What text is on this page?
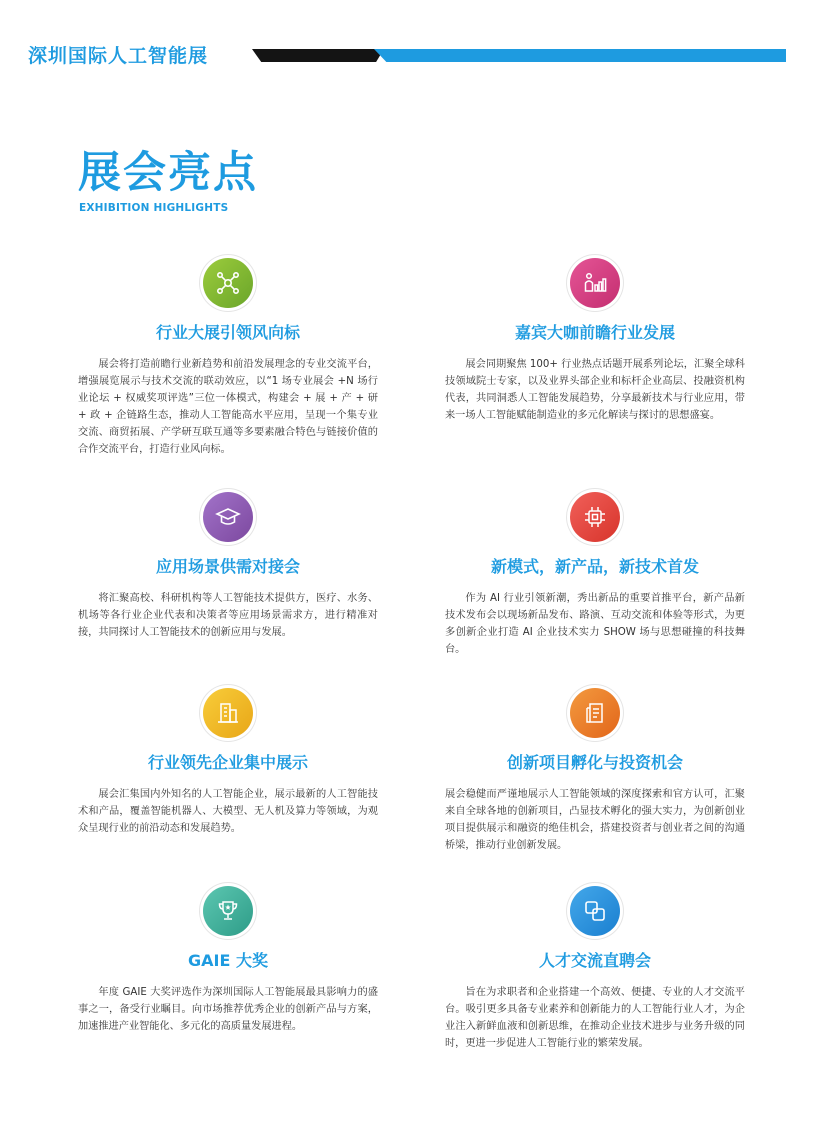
深圳国际人工智能展
展会亮点
EXHIBITION HIGHLIGHTS
行业大展引领风向标
展会将打造前瞻行业新趋势和前沿发展理念的专业交流平台，增强展览展示与技术交流的联动效应，以“1 场专业展会 +N 场行业论坛 + 权威奖项评选”三位一体模式，构建会 + 展 + 产 + 研 + 政 + 企链路生态，推动人工智能高水平应用，呈现一个集专业交流、商贸拓展、产学研互联互通等多要素融合特色与链接价值的合作交流平台，打造行业风向标。
嘉宾大咖前瞻行业发展
展会同期聚焦 100+ 行业热点话题开展系列论坛，汇聚全球科技领域院士专家，以及业界头部企业和标杆企业高层、投融资机构代表，共同洞悉人工智能发展趋势，分享最新技术与行业应用，带来一场人工智能赋能制造业的多元化解读与探讨的思想盛宴。
应用场景供需对接会
将汇聚高校、科研机构等人工智能技术提供方，医疗、水务、机场等各行业企业代表和决策者等应用场景需求方，进行精准对接，共同探讨人工智能技术的创新应用与发展。
新模式，新产品，新技术首发
作为 AI 行业引领新潮，秀出新品的重要首推平台，新产品新技术发布会以现场新品发布、路演、互动交流和体验等形式，为更多创新企业打造 AI 企业技术实力 SHOW 场与思想碰撞的科技舞台。
行业领先企业集中展示
展会汇集国内外知名的人工智能企业，展示最新的人工智能技术和产品，覆盖智能机器人、大模型、无人机及算力等领域，为观众呈现行业的前沿动态和发展趋势。
创新项目孵化与投资机会
展会稳健而严谨地展示人工智能领域的深度探索和官方认可，汇聚来自全球各地的创新项目，凸显技术孵化的强大实力，为创新创业项目提供展示和融资的绝佳机会，搭建投资者与创业者之间的沟通桥梁，推动行业创新发展。
GAIE 大奖
年度 GAIE 大奖评选作为深圳国际人工智能展最具影响力的盛事之一，备受行业瞩目。向市场推荐优秀企业的创新产品与方案，加速推进产业智能化、多元化的高质量发展进程。
人才交流直聘会
旨在为求职者和企业搭建一个高效、便捷、专业的人才交流平台。吸引更多具备专业素养和创新能力的人工智能行业人才，为企业注入新鲜血液和创新思维，在推动企业技术进步与业务升级的同时，更进一步促进人工智能行业的繁荣发展。
